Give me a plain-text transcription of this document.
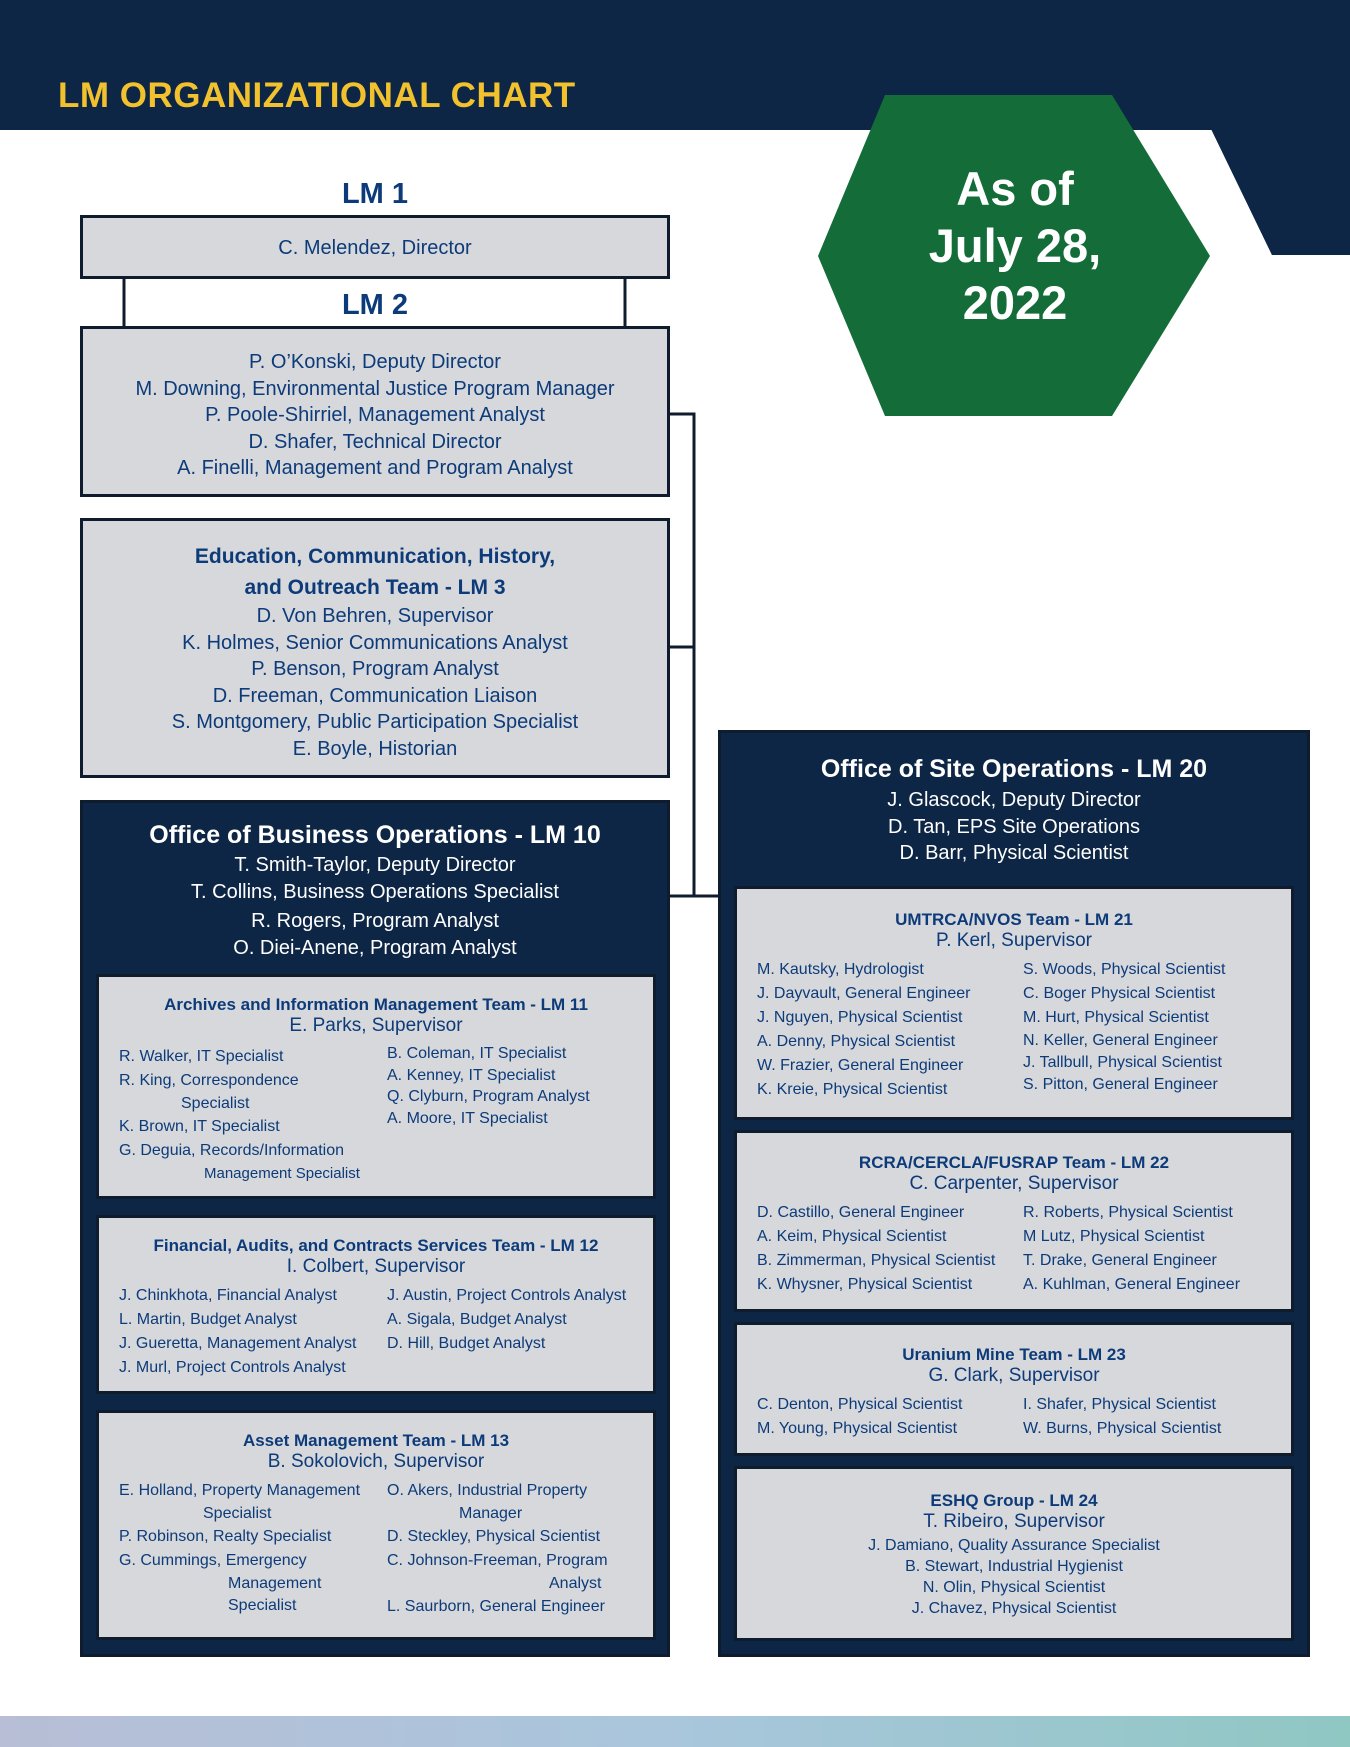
LM ORGANIZATIONAL CHART
As of
July 28,
2022
LM 1
C. Melendez, Director
LM 2
P. O’Konski, Deputy Director
M. Downing, Environmental Justice Program Manager
P. Poole-Shirriel, Management Analyst
D. Shafer, Technical Director
A. Finelli, Management and Program Analyst
Education, Communication, History,
and Outreach Team - LM 3
D. Von Behren, Supervisor
K. Holmes, Senior Communications Analyst
P. Benson, Program Analyst
D. Freeman, Communication Liaison
S. Montgomery, Public Participation Specialist
E. Boyle, Historian
Office of Business Operations - LM 10
T. Smith-Taylor, Deputy Director
T. Collins, Business Operations Specialist
R. Rogers, Program Analyst
O. Diei-Anene, Program Analyst
Archives and Information Management Team - LM 11
E. Parks, Supervisor
R. Walker, IT Specialist
R. King, Correspondence
Specialist
K. Brown, IT Specialist
G. Deguia, Records/Information
Management Specialist
B. Coleman, IT Specialist
A. Kenney, IT Specialist
Q. Clyburn, Program Analyst
A. Moore, IT Specialist
Financial, Audits, and Contracts Services Team - LM 12
I. Colbert, Supervisor
J. Chinkhota, Financial Analyst
L. Martin, Budget Analyst
J. Gueretta, Management Analyst
J. Murl, Project Controls Analyst
J. Austin, Project Controls Analyst
A. Sigala, Budget Analyst
D. Hill, Budget Analyst
Asset Management Team - LM 13
B. Sokolovich, Supervisor
E. Holland, Property Management
Specialist
P. Robinson, Realty Specialist
G. Cummings, Emergency
Management
Specialist
O. Akers, Industrial Property
Manager
D. Steckley, Physical Scientist
C. Johnson-Freeman, Program
Analyst
L. Saurborn, General Engineer
Office of Site Operations - LM 20
J. Glascock, Deputy Director
D. Tan, EPS Site Operations
D. Barr, Physical Scientist
UMTRCA/NVOS Team - LM 21
P. Kerl, Supervisor
M. Kautsky, Hydrologist
J. Dayvault, General Engineer
J. Nguyen, Physical Scientist
A. Denny, Physical Scientist
W. Frazier, General Engineer
K. Kreie, Physical Scientist
S. Woods, Physical Scientist
C. Boger Physical Scientist
M. Hurt, Physical Scientist
N. Keller, General Engineer
J. Tallbull, Physical Scientist
S. Pitton, General Engineer
RCRA/CERCLA/FUSRAP Team - LM 22
C. Carpenter, Supervisor
D. Castillo, General Engineer
A. Keim, Physical Scientist
B. Zimmerman, Physical Scientist
K. Whysner, Physical Scientist
R. Roberts, Physical Scientist
M Lutz, Physical Scientist
T. Drake, General Engineer
A. Kuhlman, General Engineer
Uranium Mine Team - LM 23
G. Clark, Supervisor
C. Denton, Physical Scientist
M. Young, Physical Scientist
I. Shafer, Physical Scientist
W. Burns, Physical Scientist
ESHQ Group - LM 24
T. Ribeiro, Supervisor
J. Damiano, Quality Assurance Specialist
B. Stewart, Industrial Hygienist
N. Olin, Physical Scientist
J. Chavez, Physical Scientist
